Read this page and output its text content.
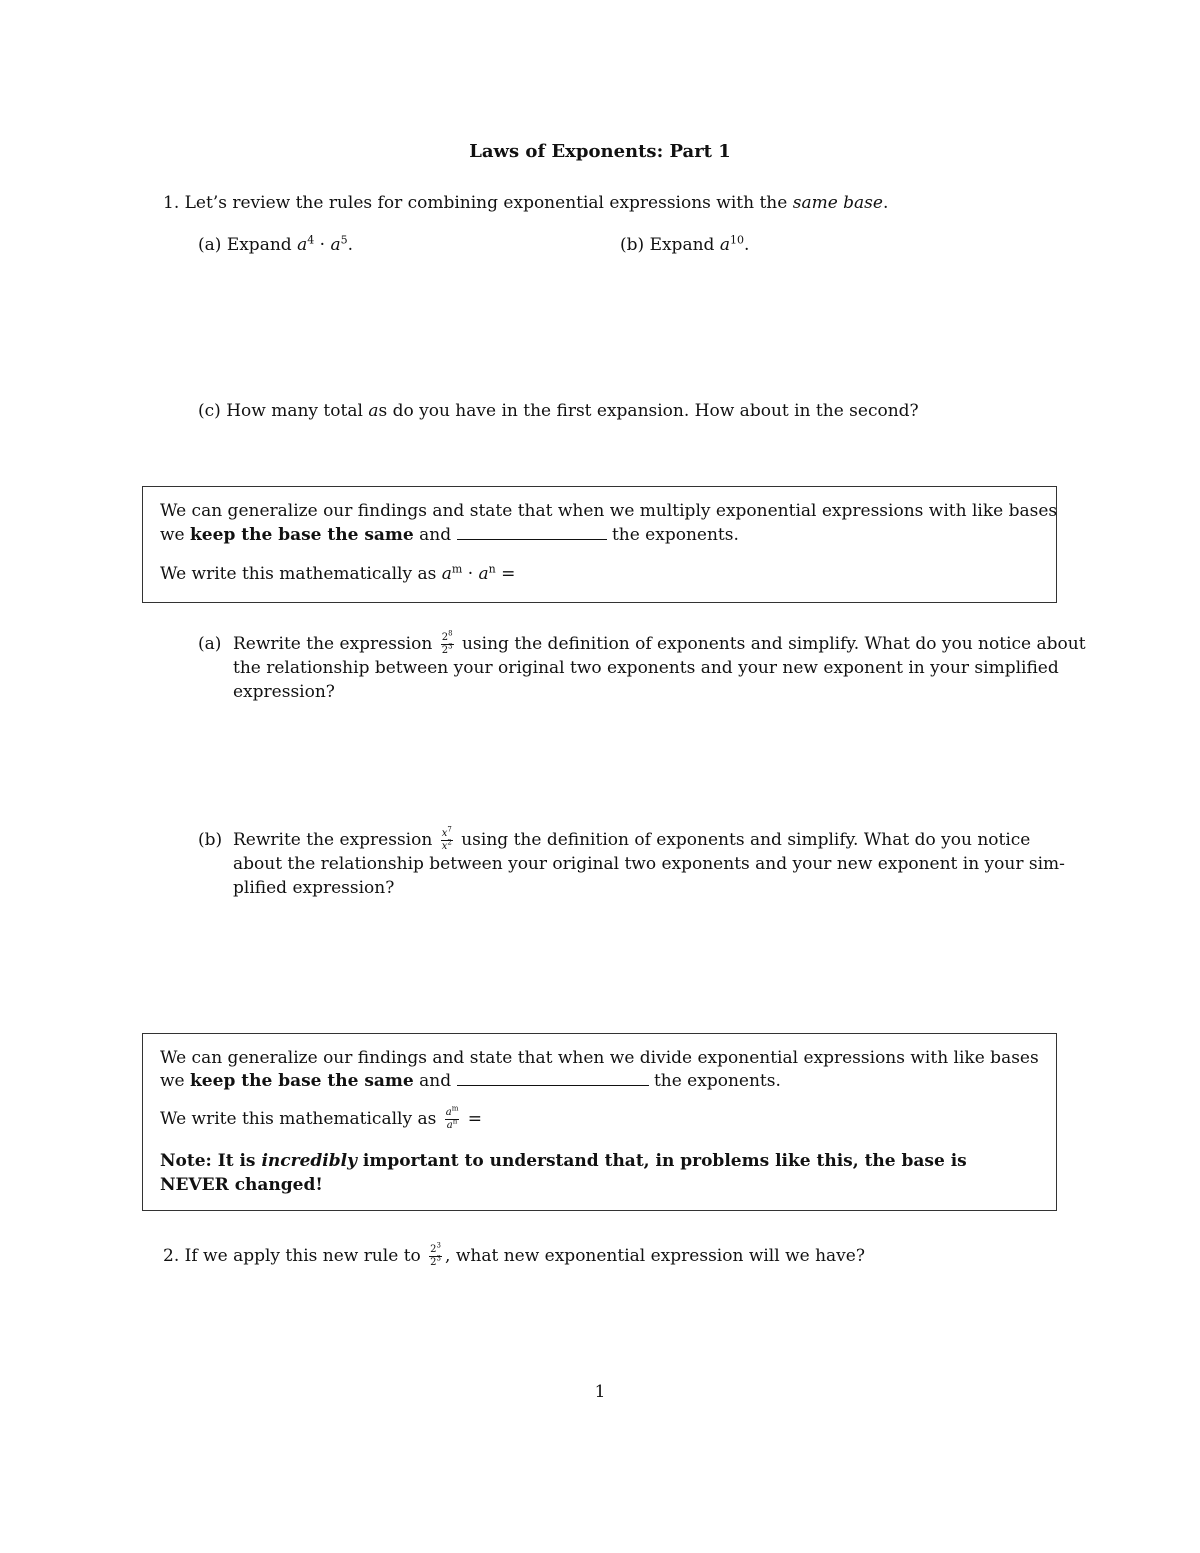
Laws of Exponents: Part 1
1. Let’s review the rules for combining exponential expressions with the same base.
(a) Expand $a^4 \cdot a^5$.	(b) Expand $a^{10}$.
(c) How many total as do you have in the first expansion. How about in the second?
We can generalize our findings and state that when we multiply exponential expressions with like bases
we keep the base the same and	the exponents.
We write this mathematically as $a^m \cdot a^n$ =
(a) Rewrite the expression $\frac{2^8}{2^3}$ using the definition of exponents and simplify. What do you notice about
the relationship between your original two exponents and your new exponent in your simplified
expression?
(b) Rewrite the expression $\frac{x^7}{x^2}$ using the definition of exponents and simplify. What do you notice
about the relationship between your original two exponents and your new exponent in your sim-
plified expression?
We can generalize our findings and state that when we divide exponential expressions with like bases
we keep the base the same and	the exponents.
We write this mathematically as $\frac{a^m}{a^n}$ =
Note: It is incredibly important to understand that, in problems like this, the base is
NEVER changed!
2. If we apply this new rule to $\frac{2^3}{2^3}$ , what new exponential expression will we have?
1
